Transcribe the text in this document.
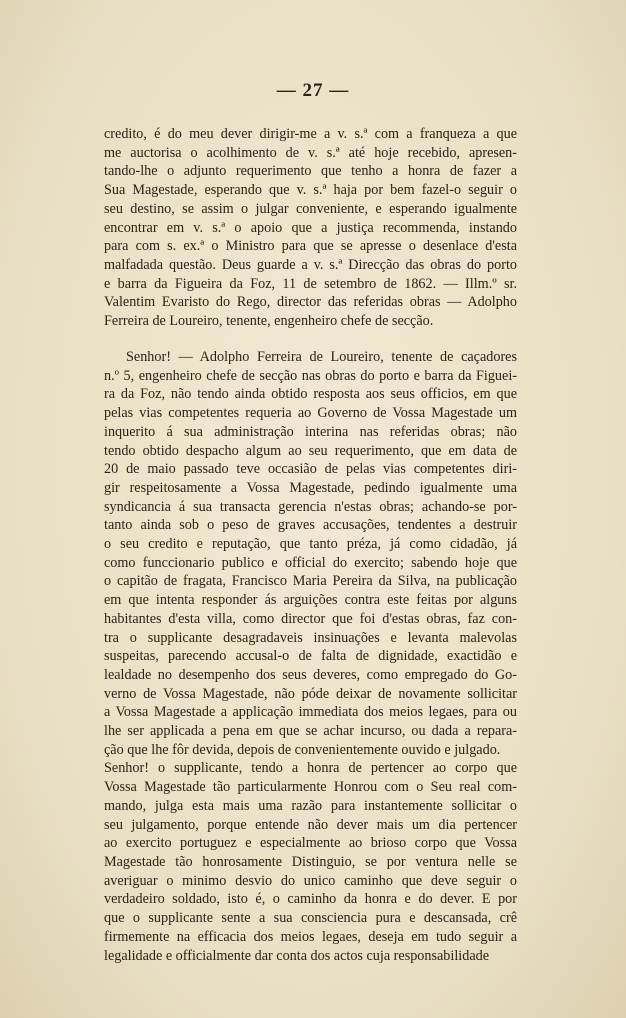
— 27 —
credito, é do meu dever dirigir-me a v. s.ª com a franqueza a que
me auctorisa o acolhimento de v. s.ª até hoje recebido, apresen-
tando-lhe o adjunto requerimento que tenho a honra de fazer a
Sua Magestade, esperando que v. s.ª haja por bem fazel-o seguir o
seu destino, se assim o julgar conveniente, e esperando igualmente
encontrar em v. s.ª o apoio que a justiça recommenda, instando
para com s. ex.ª o Ministro para que se apresse o desenlace d'esta
malfadada questão. Deus guarde a v. s.ª Direcção das obras do porto
e barra da Figueira da Foz, 11 de setembro de 1862. — Illm.º sr.
Valentim Evaristo do Rego, director das referidas obras — Adolpho
Ferreira de Loureiro, tenente, engenheiro chefe de secção.
Senhor! — Adolpho Ferreira de Loureiro, tenente de caçadores
n.º 5, engenheiro chefe de secção nas obras do porto e barra da Figuei-
ra da Foz, não tendo ainda obtido resposta aos seus officios, em que
pelas vias competentes requeria ao Governo de Vossa Magestade um
inquerito á sua administração interina nas referidas obras; não
tendo obtido despacho algum ao seu requerimento, que em data de
20 de maio passado teve occasião de pelas vias competentes diri-
gir respeitosamente a Vossa Magestade, pedindo igualmente uma
syndicancia á sua transacta gerencia n'estas obras; achando-se por-
tanto ainda sob o peso de graves accusações, tendentes a destruir
o seu credito e reputação, que tanto préza, já como cidadão, já
como funccionario publico e official do exercito; sabendo hoje que
o capitão de fragata, Francisco Maria Pereira da Silva, na publicação
em que intenta responder ás arguições contra este feitas por alguns
habitantes d'esta villa, como director que foi d'estas obras, faz con-
tra o supplicante desagradaveis insinuações e levanta malevolas
suspeitas, parecendo accusal-o de falta de dignidade, exactidão e
lealdade no desempenho dos seus deveres, como empregado do Go-
verno de Vossa Magestade, não póde deixar de novamente sollicitar
a Vossa Magestade a applicação immediata dos meios legaes, para ou
lhe ser applicada a pena em que se achar incurso, ou dada a repara-
ção que lhe fôr devida, depois de convenientemente ouvido e julgado.
Senhor! o supplicante, tendo a honra de pertencer ao corpo que
Vossa Magestade tão particularmente Honrou com o Seu real com-
mando, julga esta mais uma razão para instantemente sollicitar o
seu julgamento, porque entende não dever mais um dia pertencer
ao exercito portuguez e especialmente ao brioso corpo que Vossa
Magestade tão honrosamente Distinguio, se por ventura nelle se
averiguar o minimo desvio do unico caminho que deve seguir o
verdadeiro soldado, isto é, o caminho da honra e do dever. E por
que o supplicante sente a sua consciencia pura e descansada, crê
firmemente na efficacia dos meios legaes, deseja em tudo seguir a
legalidade e officialmente dar conta dos actos cuja responsabilidade
